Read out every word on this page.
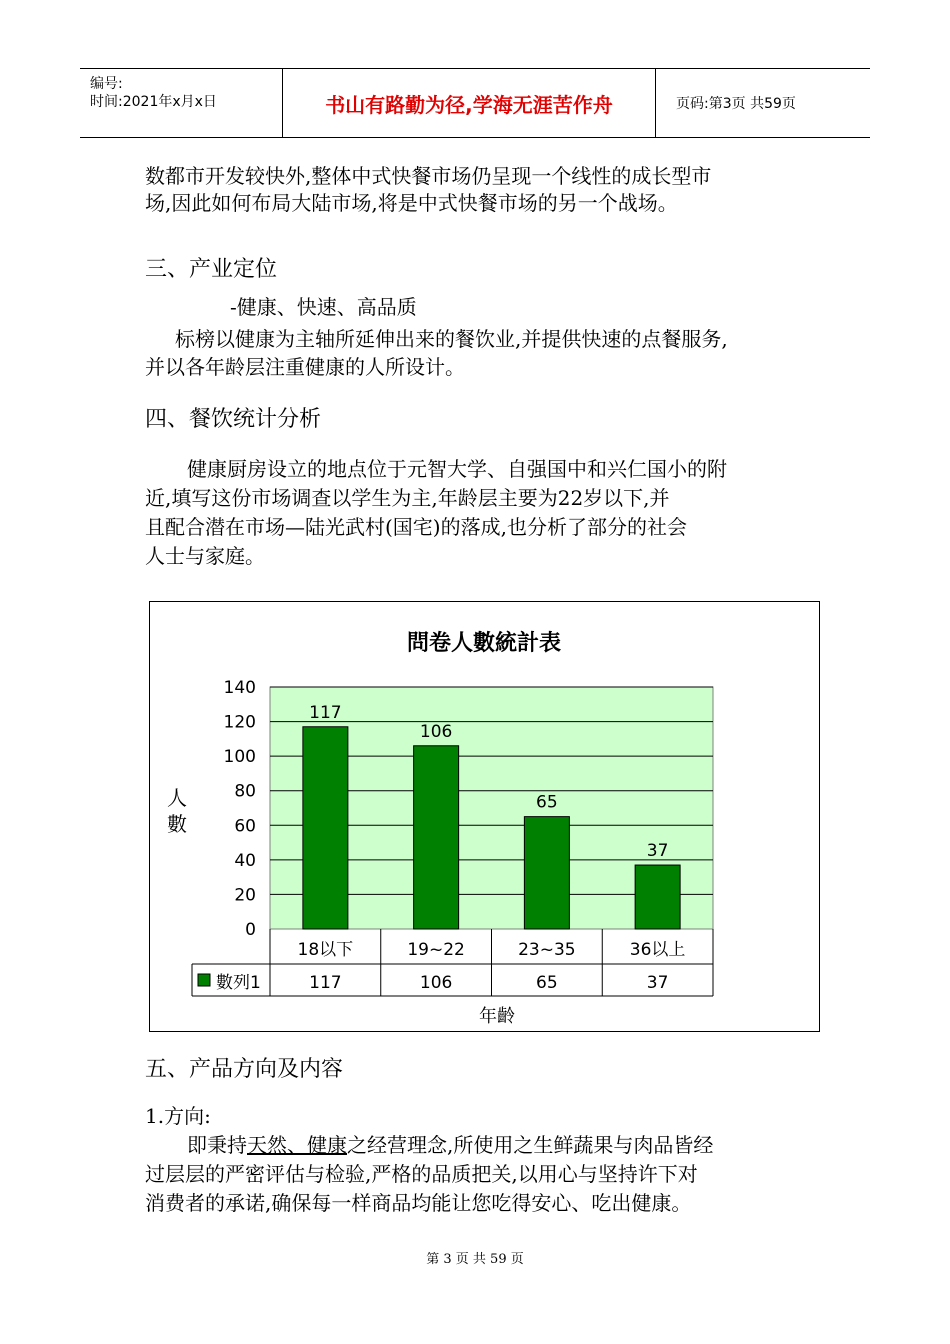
编号:
时间:2021年x月x日	书山有路勤为径,学海无涯苦作舟	页码:第3页 共59页
数都市开发较快外,整体中式快餐市场仍呈现一个线性的成长型市
场,因此如何布局大陆市场,将是中式快餐市场的另一个战场。
三、产业定位
-健康、快速、高品质
标榜以健康为主轴所延伸出来的餐饮业,并提供快速的点餐服务,
并以各年龄层注重健康的人所设计。
四、餐饮统计分析
健康厨房设立的地点位于元智大学、自强国中和兴仁国小的附
近,填写这份市场调查以学生为主,年龄层主要为22岁以下,并
且配合潜在市场—陆光武村(国宅)的落成,也分析了部分的社会
人士与家庭。
問卷人數統計表
0
20
40
60
80
100
120
140
人
數
117
106
65
37
18以下
117
19~22
106
23~35
65
36以上
37
數列1
年齡
五、产品方向及内容
1.方向:
即秉持天然、健康之经营理念,所使用之生鲜蔬果与肉品皆经
过层层的严密评估与检验,严格的品质把关,以用心与坚持许下对
消费者的承诺,确保每一样商品均能让您吃得安心、吃出健康。
第 3 页 共 59 页
